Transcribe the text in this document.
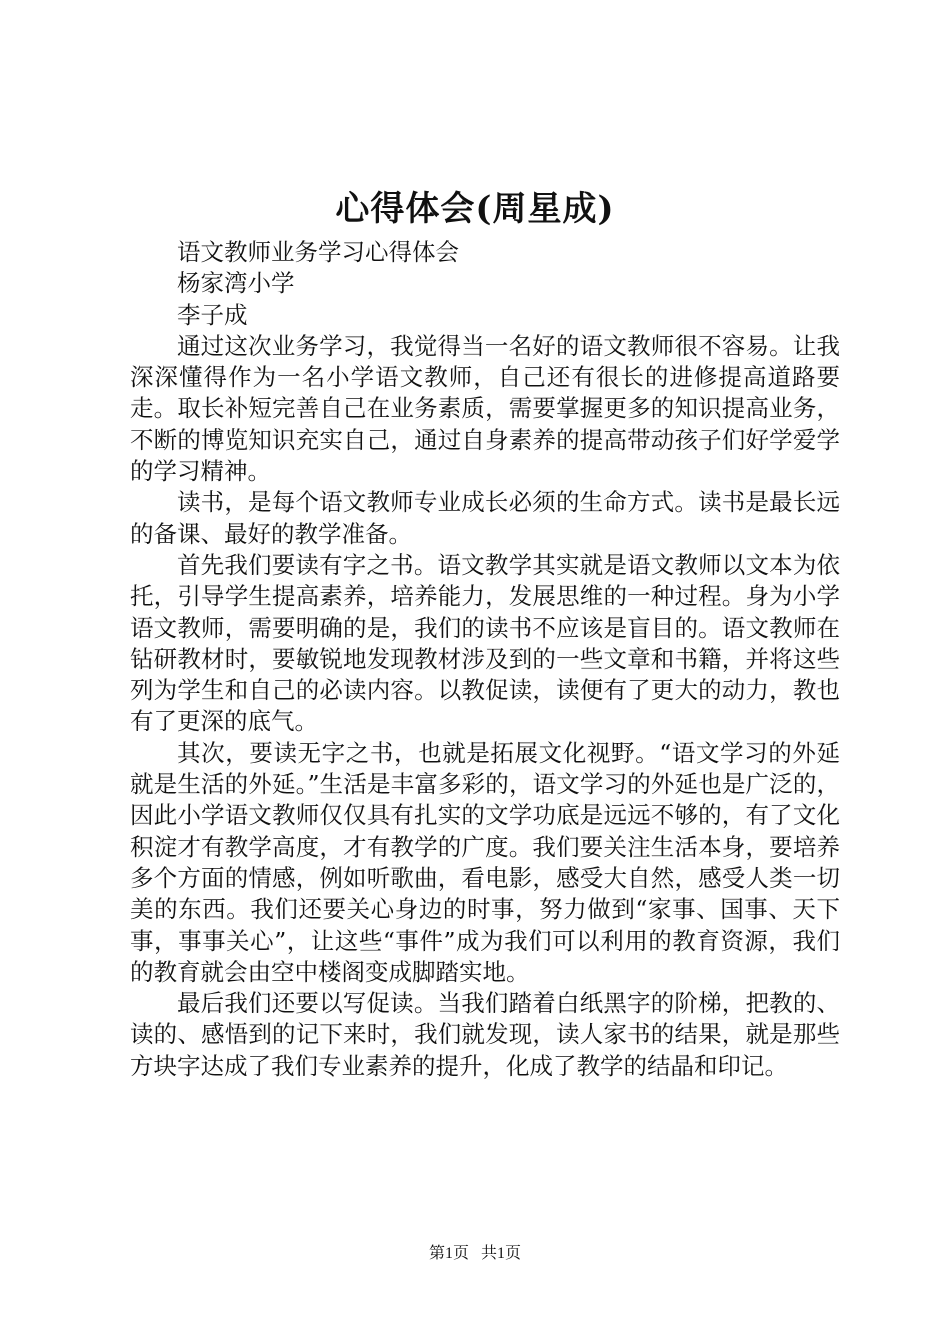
心得体会(周星成)

语文教师业务学习心得体会

杨家湾小学

李子成

通过这次业务学习，我觉得当一名好的语文教师很不容易。让我深深懂得作为一名小学语文教师，自己还有很长的进修提高道路要走。取长补短完善自己在业务素质，需要掌握更多的知识提高业务，不断的博览知识充实自己，通过自身素养的提高带动孩子们好学爱学的学习精神。

读书，是每个语文教师专业成长必须的生命方式。读书是最长远的备课、最好的教学准备。

首先我们要读有字之书。语文教学其实就是语文教师以文本为依托，引导学生提高素养，培养能力，发展思维的一种过程。身为小学语文教师，需要明确的是，我们的读书不应该是盲目的。语文教师在钻研教材时，要敏锐地发现教材涉及到的一些文章和书籍，并将这些列为学生和自己的必读内容。以教促读，读便有了更大的动力，教也有了更深的底气。

其次，要读无字之书，也就是拓展文化视野。“语文学习的外延就是生活的外延。”生活是丰富多彩的，语文学习的外延也是广泛的，因此小学语文教师仅仅具有扎实的文学功底是远远不够的，有了文化积淀才有教学高度，才有教学的广度。我们要关注生活本身，要培养多个方面的情感，例如听歌曲，看电影，感受大自然，感受人类一切美的东西。我们还要关心身边的时事，努力做到“家事、国事、天下事，事事关心”，让这些“事件”成为我们可以利用的教育资源，我们的教育就会由空中楼阁变成脚踏实地。

最后我们还要以写促读。当我们踏着白纸黑字的阶梯，把教的、读的、感悟到的记下来时，我们就发现，读人家书的结果，就是那些方块字达成了我们专业素养的提升，化成了教学的结晶和印记。

第1页 共1页
